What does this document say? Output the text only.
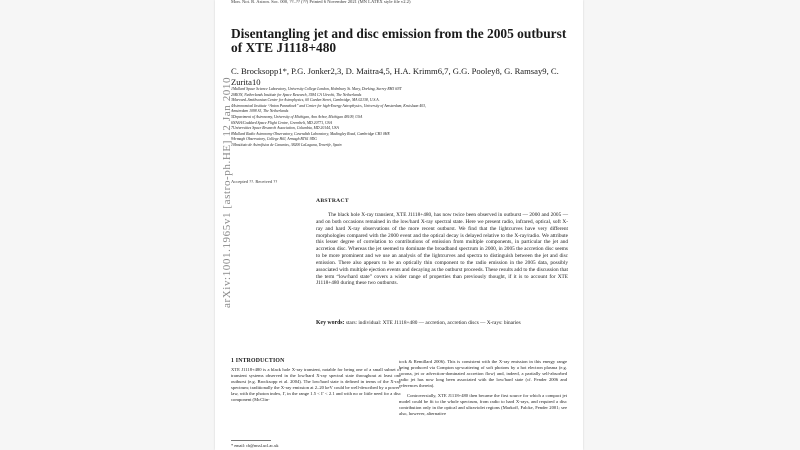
Mon. Not. R. Astron. Soc. 000, ??–?? (??) Printed 6 November 2021 (MN LATEX style file v2.2)
Disentangling jet and disc emission from the 2005 outburst of XTE J1118+480
C. Brocksopp1*, P.G. Jonker2,3, D. Maitra4,5, H.A. Krimm6,7, G.G. Pooley8, G. Ramsay9, C. Zurita10
1Mullard Space Science Laboratory, University College London, Holmbury St. Mary, Dorking, Surrey RH5 6NT
2SRON, Netherlands Institute for Space Research, 3584 CA Utrecht, The Netherlands
3Harvard–Smithsonian Center for Astrophysics, 60 Garden Street, Cambridge, MA 02138, U.S.A.
4Astronomical Institute “Anton Pannekoek” and Center for high-Energy Astrophysics, University of Amsterdam, Kruislaan 403,
Amsterdam 1098 SJ, The Netherlands
5Department of Astronomy, University of Michigan, Ann Arbor, Michigan 48109, USA
6NASA/Goddard Space Flight Centre, Greenbelt, MD 20771, USA
7Universities Space Research Association, Columbia, MD 20144, USA
8Mullard Radio Astronomy Observatory, Cavendish Laboratory, Madingley Road, Cambridge CB3 0HE
9Armagh Observatory, College Hill, Armagh BT61 9DG
10Instituto de Astrofísica de Canarias, 38200 LaLaguna, Tenerife, Spain
Accepted ??. Received ??
ABSTRACT
The black hole X-ray transient, XTE J1118+480, has now twice been observed in outburst — 2000 and 2005 — and on both occasions remained in the low/hard X-ray spectral state. Here we present radio, infrared, optical, soft X-ray and hard X-ray observations of the more recent outburst. We find that the lightcurves have very different morphologies compared with the 2000 event and the optical decay is delayed relative to the X-ray/radio. We attribute this lesser degree of correlation to contributions of emission from multiple components, in particular the jet and accretion disc. Whereas the jet seemed to dominate the broadband spectrum in 2000, in 2005 the accretion disc seems to be more prominent and we use an analysis of the lightcurves and spectra to distinguish between the jet and disc emission. There also appears to be an optically thin component to the radio emission in the 2005 data, possibly associated with multiple ejection events and decaying as the outburst proceeds. These results add to the discussion that the term “low/hard state” covers a wider range of properties than previously thought, if it is to account for XTE J1118+480 during these two outbursts.
Key words: stars: individual: XTE J1118+480 — accretion, accretion discs — X-rays: binaries
1 INTRODUCTION
XTE J1118+480 is a black hole X-ray transient, notable for being one of a small subset of transient systems observed in the low/hard X-ray spectral state throughout at least one outburst (e.g. Brocksopp et al. 2004). The low/hard state is defined in terms of the X-ray spectrum; traditionally the X-ray emission at 2–20 keV could be well-described by a power-law, with the photon index, Γ, in the range 1.5 < Γ < 2.1 and with no or little need for a disc component (McClin-

tock & Remillard 2006). This is consistent with the X-ray emission in this energy range being produced via Compton up-scattering of soft photons by a hot electron plasma (e.g. corona, jet or advection-dominated accretion flow) and, indeed, a partially self-absorbed radio jet has now long been associated with the low/hard state (cf. Fender 2006 and references therein).

Controversially, XTE J1118+480 then became the first source for which a compact jet model could be fit to the whole spectrum, from radio to hard X-rays, and required a disc contribution only in the optical and ultraviolet regions (Markoff, Falcke, Fender 2001; see also, however, alternative

* email: cb@mssl.ucl.ac.uk
arXiv:1001.1965v1 [astro-ph.HE] 12 Jan 2010
